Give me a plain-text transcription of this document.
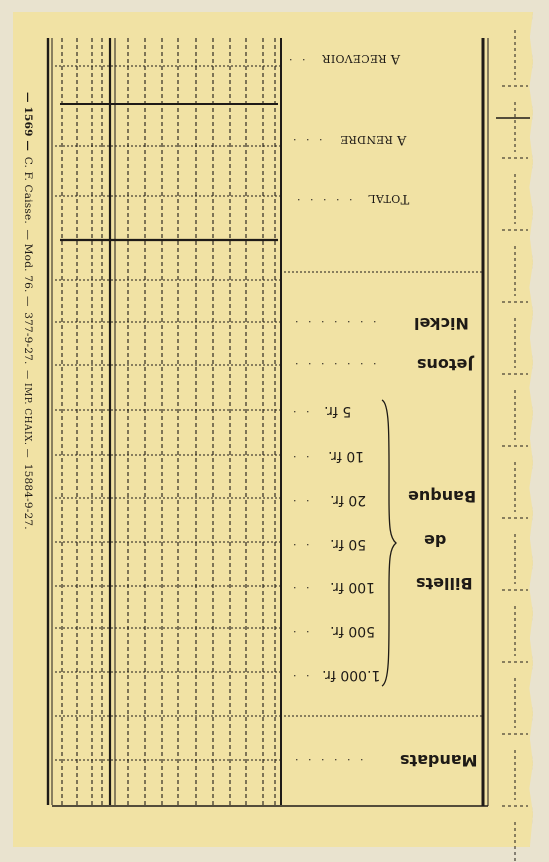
A RECEVOIR
. .
A RENDRE
. . .
TOTAL
. . . . .
Nickel
. . . . . . .
Jetons
. . . . . . .
5 fr.
. .
10 fr.
. .
20 fr.
. .
50 fr.
. .
100 fr.
. .
500 fr.
. .
1.000 fr.
. .
Banque
de
Billets
Mandats
. . . . . .
— 1569 — C. F. Caisse. — Mod. 76. — 377-9-27. — IMP. CHAIX. — 15884-9-27.
